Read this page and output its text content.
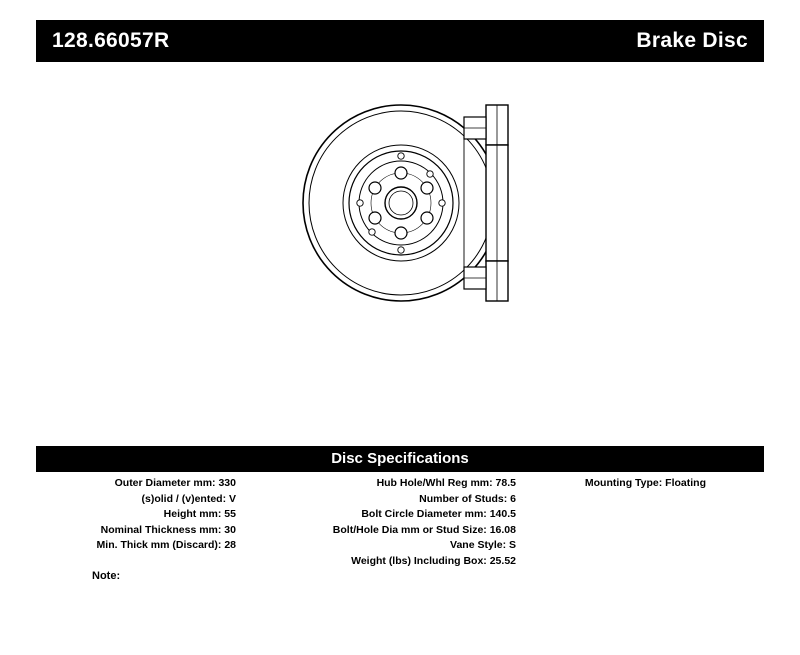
128.66057R	Brake Disc
Disc Specifications
Outer Diameter mm: 330
(s)olid / (v)ented: V
Height mm: 55
Nominal Thickness mm: 30
Min. Thick mm (Discard): 28
Hub Hole/Whl Reg mm: 78.5
Number of Studs: 6
Bolt Circle Diameter mm: 140.5
Bolt/Hole Dia mm or Stud Size: 16.08
Vane Style: S
Weight (lbs) Including Box: 25.52
Mounting Type: Floating
Note:
